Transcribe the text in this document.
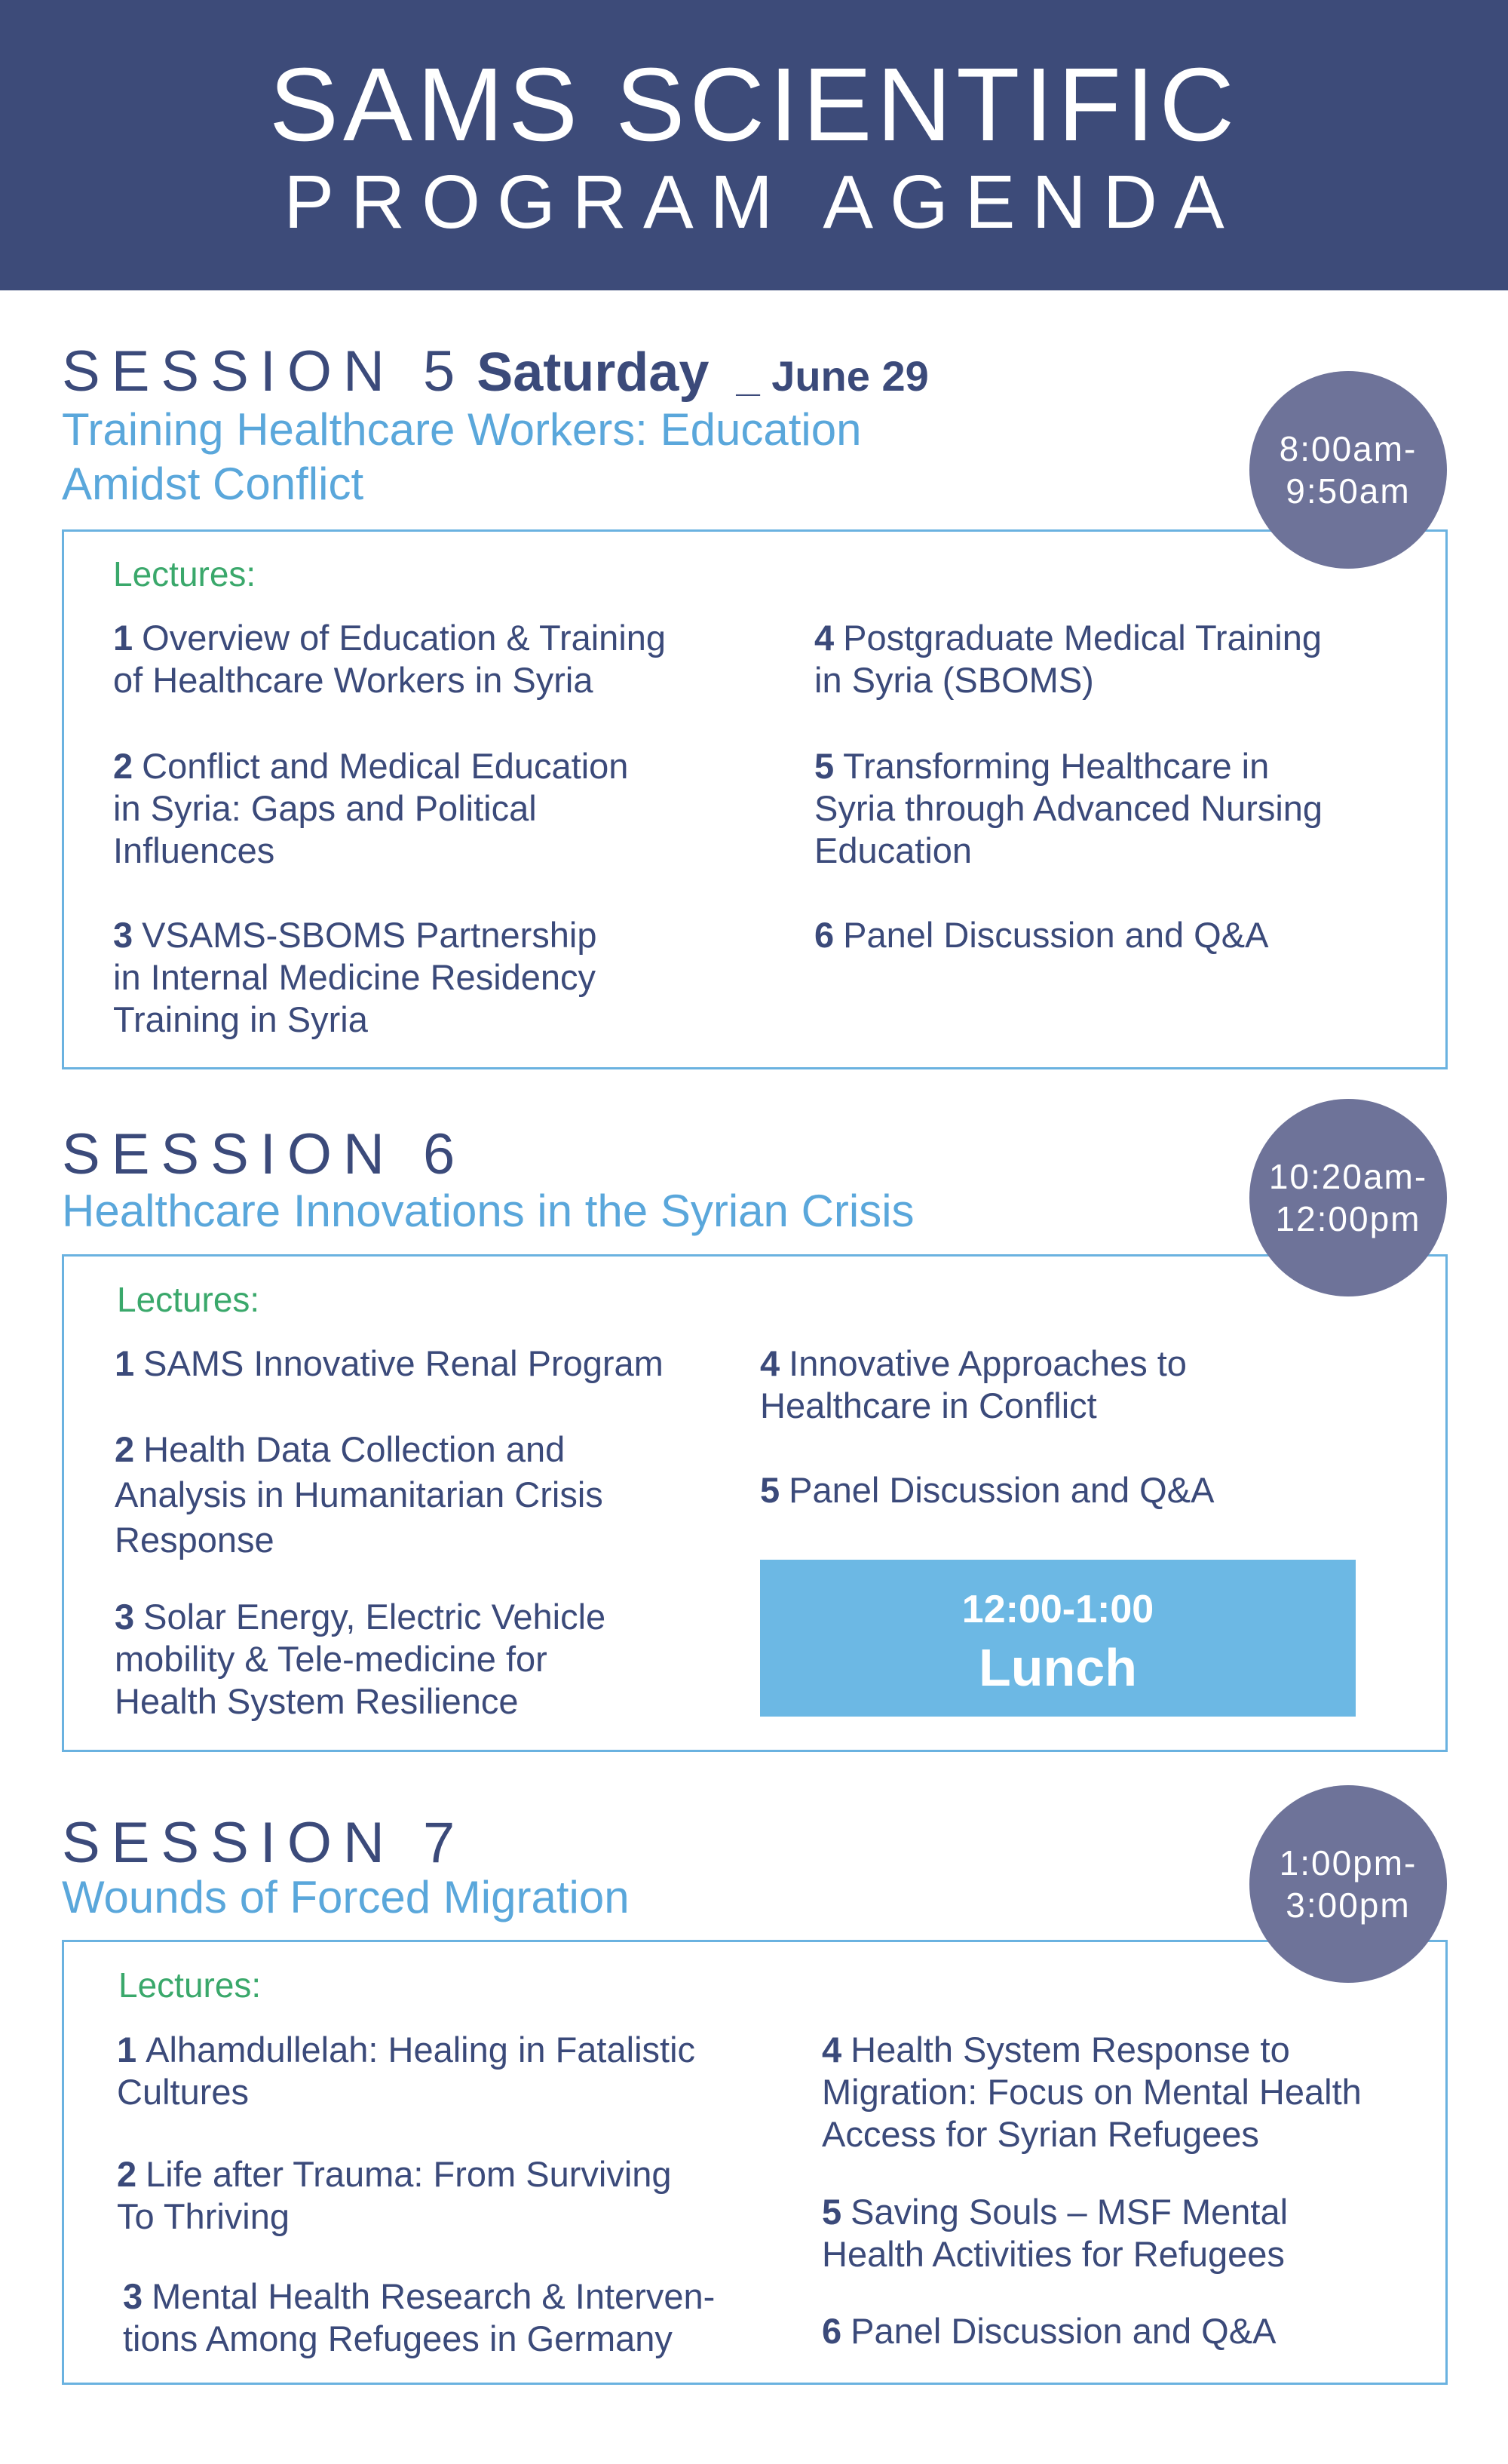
SAMS SCIENTIFIC
PROGRAM AGENDA
SESSION 5 Saturday _ June 29
Training Healthcare Workers: Education
Amidst Conflict
Lectures:
1 Overview of Education & Training
of Healthcare Workers in Syria
2 Conflict and Medical Education
in Syria: Gaps and Political
Influences
3 VSAMS-SBOMS Partnership
in Internal Medicine Residency
Training in Syria
4 Postgraduate Medical Training
in Syria (SBOMS)
5 Transforming Healthcare in
Syria through Advanced Nursing
Education
6 Panel Discussion and Q&A
8:00am-
9:50am
SESSION 6
Healthcare Innovations in the Syrian Crisis
Lectures:
1 SAMS Innovative Renal Program
2 Health Data Collection and
Analysis in Humanitarian Crisis
Response
3 Solar Energy, Electric Vehicle
mobility & Tele-medicine for
Health System Resilience
4 Innovative Approaches to
Healthcare in Conflict
5 Panel Discussion and Q&A
12:00-1:00
Lunch
10:20am-
12:00pm
SESSION 7
Wounds of Forced Migration
Lectures:
1 Alhamdullelah: Healing in Fatalistic
Cultures
2 Life after Trauma: From Surviving
To Thriving
3 Mental Health Research & Interven-
tions Among Refugees in Germany
4 Health System Response to
Migration: Focus on Mental Health
Access for Syrian Refugees
5 Saving Souls – MSF Mental
Health Activities for Refugees
6 Panel Discussion and Q&A
1:00pm-
3:00pm
